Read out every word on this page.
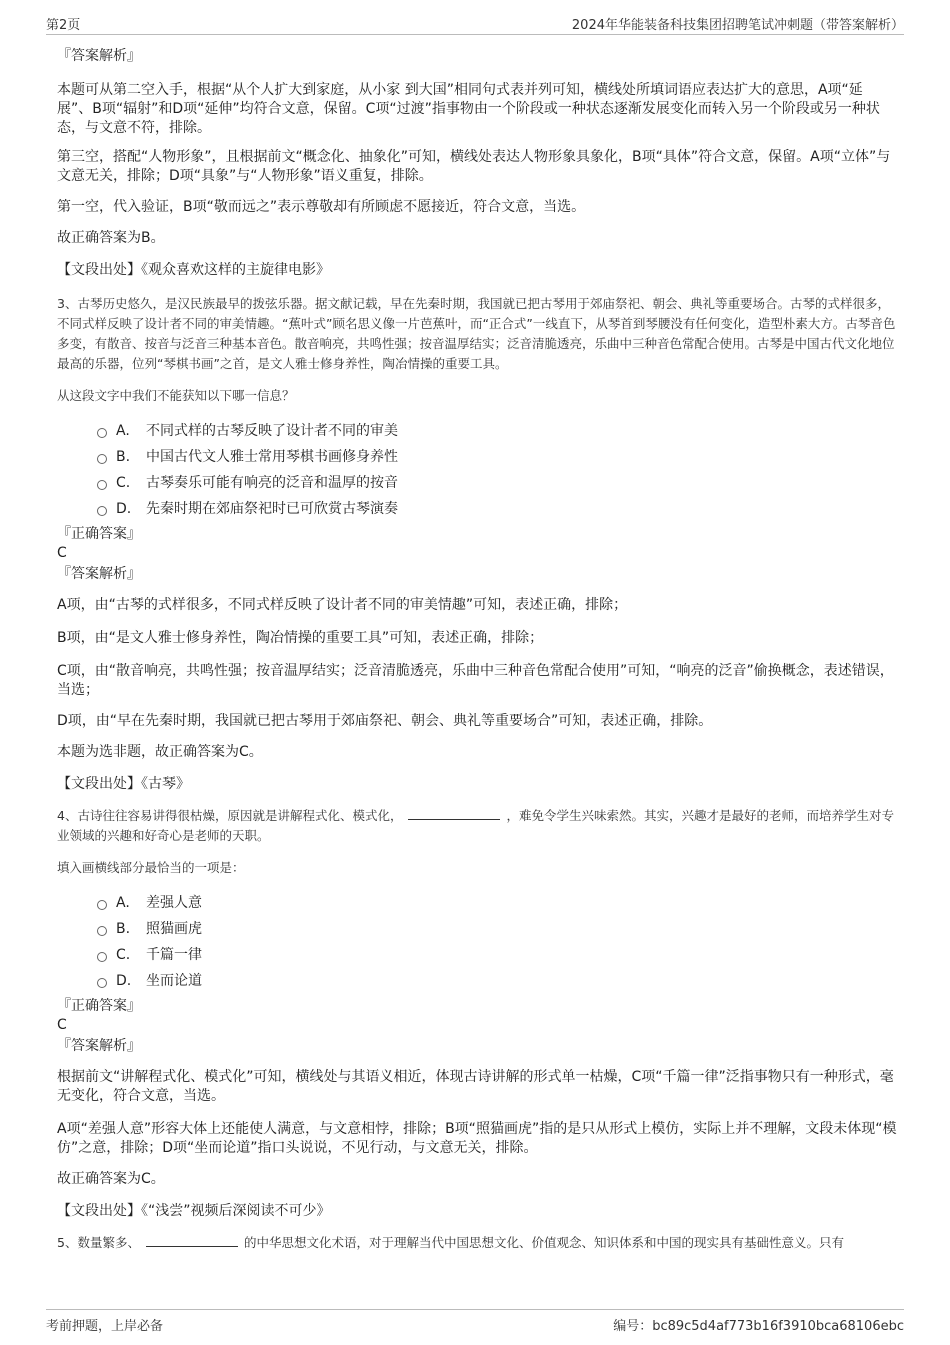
第2页	2024年华能装备科技集团招聘笔试冲刺题（带答案解析）

『答案解析』

本题可从第二空入手，根据“从个人扩大到家庭，从小家 到大国”相同句式表并列可知，横线处所填词语应表达扩大的意思，A项“延展”、B项“辐射”和D项“延伸”均符合文意，保留。C项“过渡”指事物由一个阶段或一种状态逐渐发展变化而转入另一个阶段或另一种状态，与文意不符，排除。

第三空，搭配“人物形象”，且根据前文“概念化、抽象化”可知，横线处表达人物形象具象化，B项“具体”符合文意，保留。A项“立体”与文意无关，排除；D项“具象”与“人物形象”语义重复，排除。

第一空，代入验证，B项“敬而远之”表示尊敬却有所顾虑不愿接近，符合文意，当选。

故正确答案为B。

【文段出处】《观众喜欢这样的主旋律电影》

3、古琴历史悠久，是汉民族最早的拨弦乐器。据文献记载，早在先秦时期，我国就已把古琴用于郊庙祭祀、朝会、典礼等重要场合。古琴的式样很多，不同式样反映了设计者不同的审美情趣。“蕉叶式”顾名思义像一片芭蕉叶，而“正合式”一线直下，从琴首到琴腰没有任何变化，造型朴素大方。古琴音色多变，有散音、按音与泛音三种基本音色。散音响亮，共鸣性强；按音温厚结实；泛音清脆透亮，乐曲中三种音色常配合使用。古琴是中国古代文化地位最高的乐器，位列“琴棋书画”之首，是文人雅士修身养性，陶冶情操的重要工具。

从这段文字中我们不能获知以下哪一信息？

A. 不同式样的古琴反映了设计者不同的审美
B. 中国古代文人雅士常用琴棋书画修身养性
C. 古琴奏乐可能有响亮的泛音和温厚的按音
D. 先秦时期在郊庙祭祀时已可欣赏古琴演奏

『正确答案』

C

『答案解析』

A项，由“古琴的式样很多，不同式样反映了设计者不同的审美情趣”可知，表述正确，排除；

B项，由“是文人雅士修身养性，陶冶情操的重要工具”可知，表述正确，排除；

C项，由“散音响亮，共鸣性强；按音温厚结实；泛音清脆透亮，乐曲中三种音色常配合使用”可知，“响亮的泛音”偷换概念，表述错误，当选；

D项，由“早在先秦时期，我国就已把古琴用于郊庙祭祀、朝会、典礼等重要场合”可知，表述正确，排除。

本题为选非题，故正确答案为C。

【文段出处】《古琴》

4、古诗往往容易讲得很枯燥，原因就是讲解程式化、模式化，	，难免令学生兴味索然。其实，兴趣才是最好的老师，而培养学生对专业领域的兴趣和好奇心是老师的天职。

填入画横线部分最恰当的一项是：

A. 差强人意
B. 照猫画虎
C. 千篇一律
D. 坐而论道

『正确答案』

C

『答案解析』

根据前文“讲解程式化、模式化”可知，横线处与其语义相近，体现古诗讲解的形式单一枯燥，C项“千篇一律”泛指事物只有一种形式，毫无变化，符合文意，当选。

A项“差强人意”形容大体上还能使人满意，与文意相悖，排除；B项“照猫画虎”指的是只从形式上模仿，实际上并不理解，文段未体现“模仿”之意，排除；D项“坐而论道”指口头说说，不见行动，与文意无关，排除。

故正确答案为C。

【文段出处】《“浅尝”视频后深阅读不可少》

5、数量繁多、	的中华思想文化术语，对于理解当代中国思想文化、价值观念、知识体系和中国的现实具有基础性意义。只有

考前押题，上岸必备	编号：bc89c5d4af773b16f3910bca68106ebc
